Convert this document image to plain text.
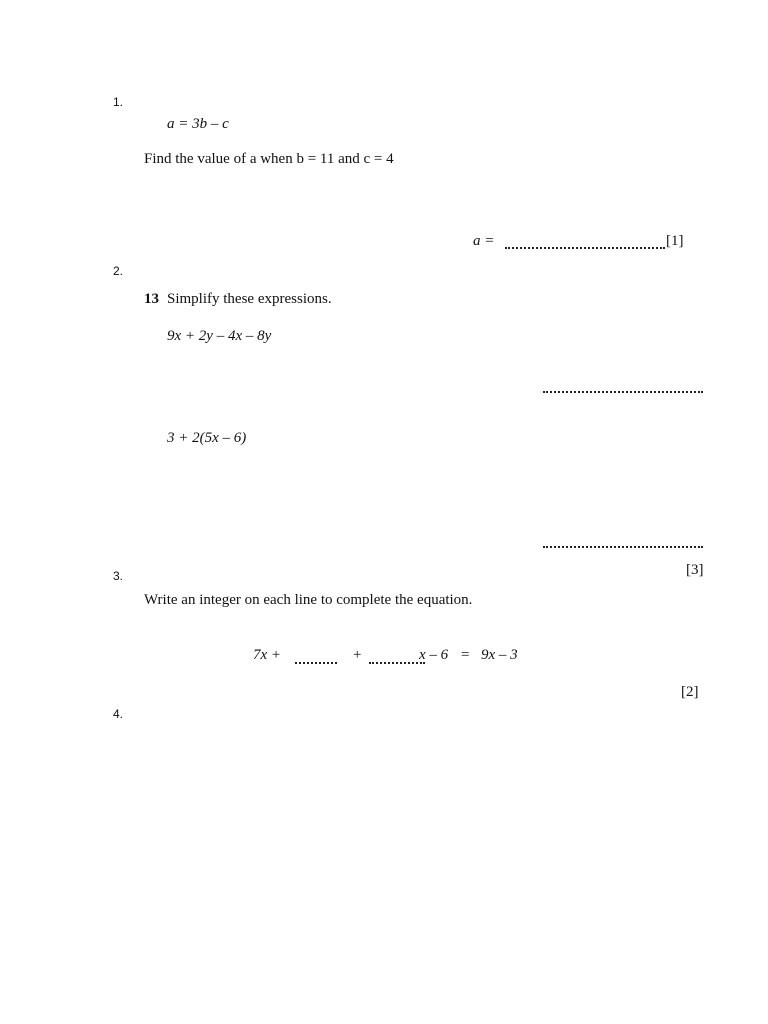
1.
a = 3b – c
Find the value of a when b = 11 and c = 4
a =	[1]
2.
13 Simplify these expressions.
9x + 2y – 4x – 8y
3 + 2(5x – 6)
[3]
3.
Write an integer on each line to complete the equation.
7x +	+	x – 6 = 9x – 3
[2]
4.
